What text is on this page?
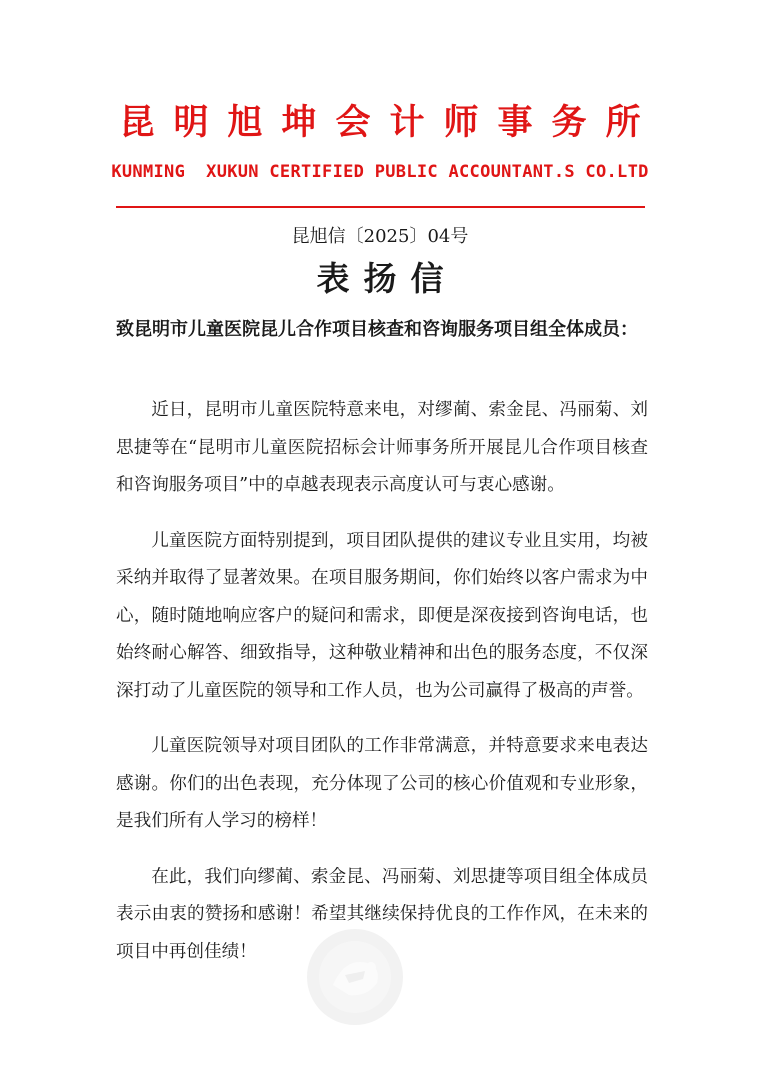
昆明旭坤会计师事务所
KUNMING  XUKUN CERTIFIED PUBLIC ACCOUNTANT.S CO.LTD
昆旭信〔2025〕04号
表扬信

致昆明市儿童医院昆儿合作项目核查和咨询服务项目组全体成员：

近日，昆明市儿童医院特意来电，对缪蔺、索金昆、冯丽菊、刘思捷等在“昆明市儿童医院招标会计师事务所开展昆儿合作项目核查和咨询服务项目”中的卓越表现表示高度认可与衷心感谢。

儿童医院方面特别提到，项目团队提供的建议专业且实用，均被采纳并取得了显著效果。在项目服务期间，你们始终以客户需求为中心，随时随地响应客户的疑问和需求，即便是深夜接到咨询电话，也始终耐心解答、细致指导，这种敬业精神和出色的服务态度，不仅深深打动了儿童医院的领导和工作人员，也为公司赢得了极高的声誉。

儿童医院领导对项目团队的工作非常满意，并特意要求来电表达感谢。你们的出色表现，充分体现了公司的核心价值观和专业形象，是我们所有人学习的榜样！

在此，我们向缪蔺、索金昆、冯丽菊、刘思捷等项目组全体成员表示由衷的赞扬和感谢！希望其继续保持优良的工作作风，在未来的项目中再创佳绩！
